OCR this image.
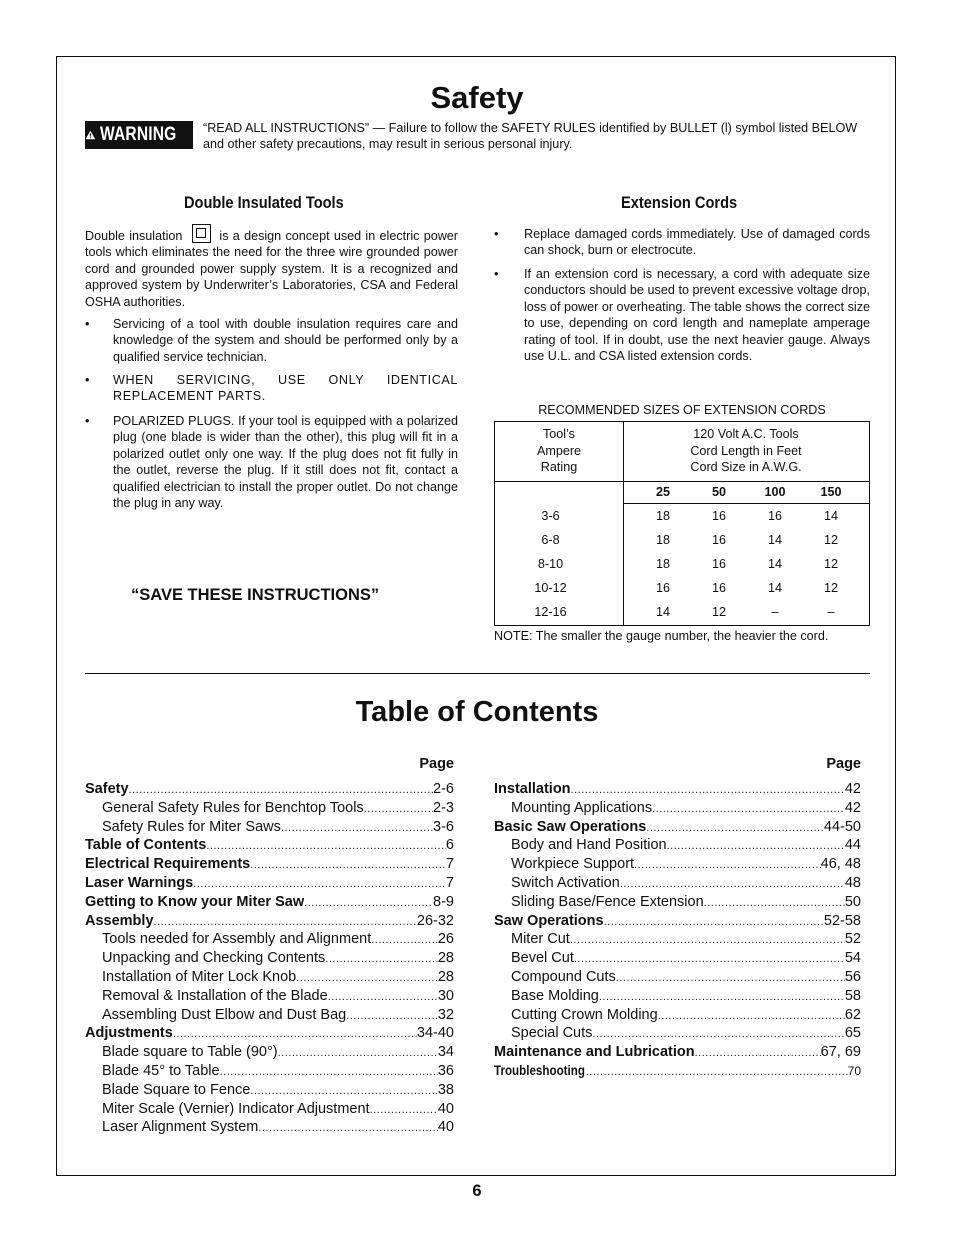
Safety
WARNING “READ ALL INSTRUCTIONS” — Failure to follow the SAFETY RULES identified by BULLET (l) symbol listed BELOW and other safety precautions, may result in serious personal injury.
Double Insulated Tools
Double insulation	is a design concept used in electric power tools which eliminates the need for the three wire grounded power cord and grounded power supply system. It is a recognized and approved system by Underwriter’s Laboratories, CSA and Federal OSHA authorities.
• Servicing of a tool with double insulation requires care and knowledge of the system and should be performed only by a qualified service technician.
• WHEN SERVICING, USE ONLY IDENTICAL REPLACEMENT PARTS.
• POLARIZED PLUGS. If your tool is equipped with a polarized plug (one blade is wider than the other), this plug will fit in a polarized outlet only one way. If the plug does not fit fully in the outlet, reverse the plug. If it still does not fit, contact a qualified electrician to install the proper outlet. Do not change the plug in any way.
“SAVE THESE INSTRUCTIONS”
Extension Cords
• Replace damaged cords immediately. Use of damaged cords can shock, burn or electrocute.
• If an extension cord is necessary, a cord with adequate size conductors should be used to prevent excessive voltage drop, loss of power or overheating. The table shows the correct size to use, depending on cord length and nameplate amperage rating of tool. If in doubt, use the next heavier gauge. Always use U.L. and CSA listed extension cords.
RECOMMENDED SIZES OF EXTENSION CORDS
Tool’s
Ampere
Rating
120 Volt A.C. Tools
Cord Length in Feet
Cord Size in A.W.G.
25	50	100	150
3-6	18	16	16	14
6-8	18	16	14	12
8-10	18	16	14	12
10-12	16	16	14	12
12-16	14	12	–	–
NOTE: The smaller the gauge number, the heavier the cord.
Table of Contents
Page
Safety .....	2-6
General Safety Rules for Benchtop Tools .....	2-3
Safety Rules for Miter Saws .....	3-6
Table of Contents .....	6
Electrical Requirements .....	7
Laser Warnings .....	7
Getting to Know your Miter Saw .....	8-9
Assembly .....	26-32
Tools needed for Assembly and Alignment .....	26
Unpacking and Checking Contents .....	28
Installation of Miter Lock Knob .....	28
Removal & Installation of the Blade .....	30
Assembling Dust Elbow and Dust Bag .....	32
Adjustments .....	34-40
Blade square to Table (90°) .....	34
Blade 45° to Table .....	36
Blade Square to Fence .....	38
Miter Scale (Vernier) Indicator Adjustment .....	40
Laser Alignment System .....	40
Page
Installation .....	42
Mounting Applications .....	42
Basic Saw Operations .....	44-50
Body and Hand Position .....	44
Workpiece Support .....	46, 48
Switch Activation .....	48
Sliding Base/Fence Extension .....	50
Saw Operations .....	52-58
Miter Cut .....	52
Bevel Cut .....	54
Compound Cuts .....	56
Base Molding .....	58
Cutting Crown Molding .....	62
Special Cuts .....	65
Maintenance and Lubrication .....	67, 69
Troubleshooting .....	70
6
